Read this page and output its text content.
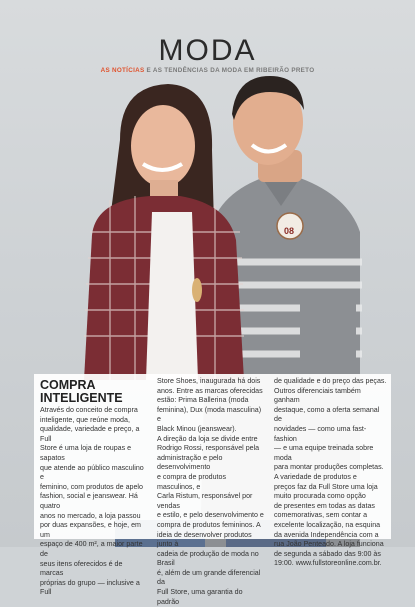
08
MODA
AS NOTÍCIAS E AS TENDÊNCIAS DA MODA EM RIBEIRÃO PRETO
COMPRA
INTELIGENTE
Através do conceito de compra
inteligente, que reúne moda,
qualidade, variedade e preço, a Full
Store é uma loja de roupas e sapatos
que atende ao público masculino e
feminino, com produtos de apelo
fashion, social e jeanswear. Há quatro
anos no mercado, a loja passou
por duas expansões, e hoje, em um
espaço de 400 m², a maior parte de
seus itens oferecidos é de marcas
próprias do grupo — inclusive a Full
Store Shoes, inaugurada há dois
anos. Entre as marcas oferecidas
estão: Prima Ballerina (moda
feminina), Dux (moda masculina) e
Black Minou (jeanswear).
A direção da loja se divide entre
Rodrigo Rossi, responsável pela
administração e pelo desenvolvimento
e compra de produtos masculinos, e
Carla Ristum, responsável por vendas
e estilo, e pelo desenvolvimento e
compra de produtos femininos. A
ideia de desenvolver produtos junto à
cadeia de produção de moda no Brasil
é, além de um grande diferencial da
Full Store, uma garantia do padrão
de qualidade e do preço das peças.
Outros diferenciais também ganham
destaque, como a oferta semanal de
novidades — como uma fast-fashion
— e uma equipe treinada sobre moda
para montar produções completas.
A variedade de produtos e
preços faz da Full Store uma loja
muito procurada como opção
de presentes em todas as datas
comemorativas, sem contar a
excelente localização, na esquina
da avenida Independência com a
rua João Penteado. A loja funciona
de segunda a sábado das 9:00 às
19:00. www.fullstoreonline.com.br.
